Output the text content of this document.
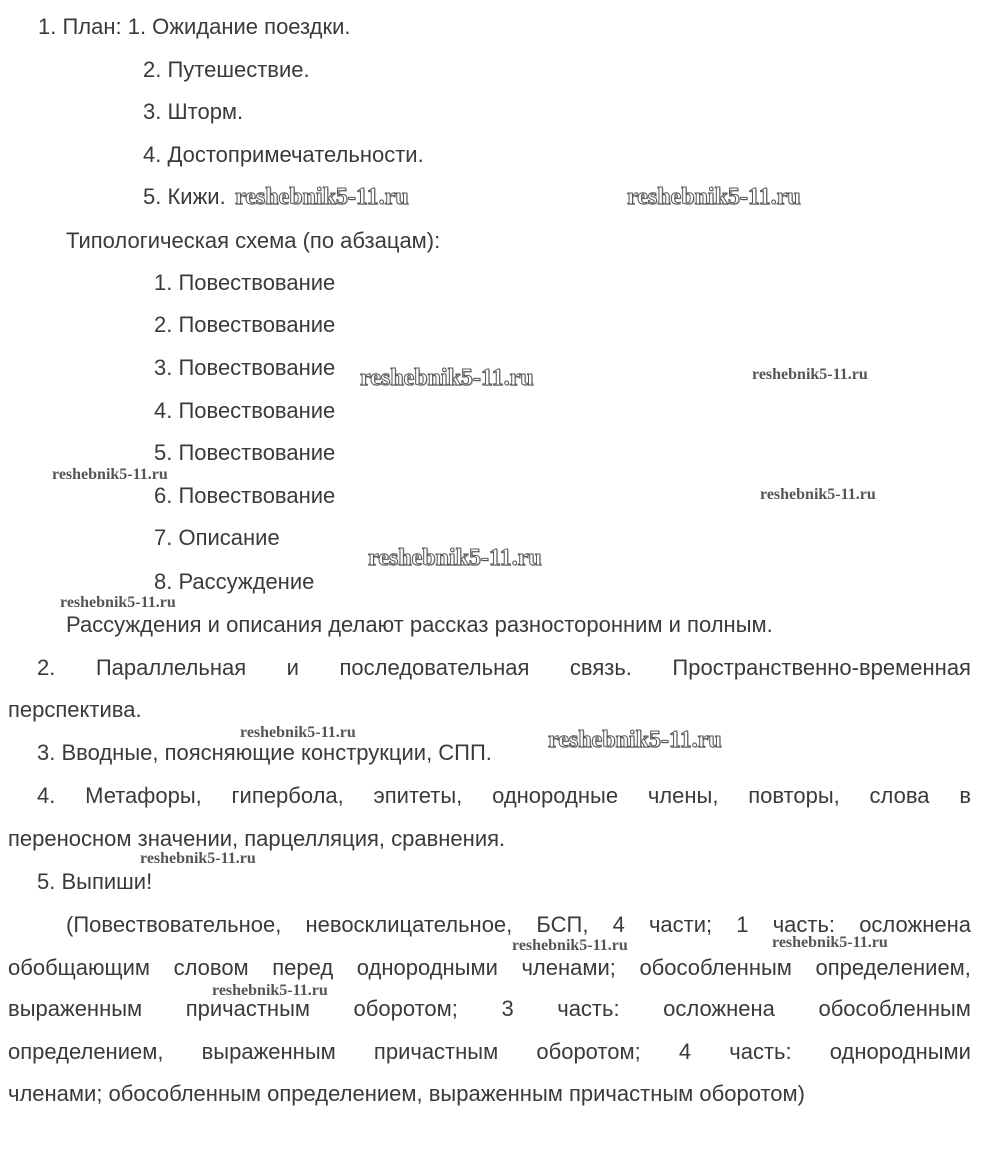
1. План: 1. Ожидание поездки.
2. Путешествие.
3. Шторм.
4. Достопримечательности.
5. Кижи.
Типологическая схема (по абзацам):
1. Повествование
2. Повествование
3. Повествование
4. Повествование
5. Повествование
6. Повествование
7. Описание
8. Рассуждение
Рассуждения и описания делают рассказ разносторонним и полным.
2. Параллельная и последовательная связь. Пространственно-временная
перспектива.
3. Вводные, поясняющие конструкции, СПП.
4. Метафоры, гипербола, эпитеты, однородные члены, повторы, слова в
переносном значении, парцелляция, сравнения.
5. Выпиши!
(Повествовательное, невосклицательное, БСП, 4 части; 1 часть: осложнена
обобщающим словом перед однородными членами; обособленным определением,
выраженным причастным оборотом; 3 часть: осложнена обособленным
определением, выраженным причастным оборотом; 4 часть: однородными
членами; обособленным определением, выраженным причастным оборотом)
reshebnik5-11.ru	reshebnik5-11.ru
reshebnik5-11.ru	reshebnik5-11.ru
reshebnik5-11.ru
reshebnik5-11.ru
reshebnik5-11.ru
reshebnik5-11.ru
reshebnik5-11.ru	reshebnik5-11.ru
reshebnik5-11.ru
reshebnik5-11.ru	reshebnik5-11.ru
reshebnik5-11.ru
